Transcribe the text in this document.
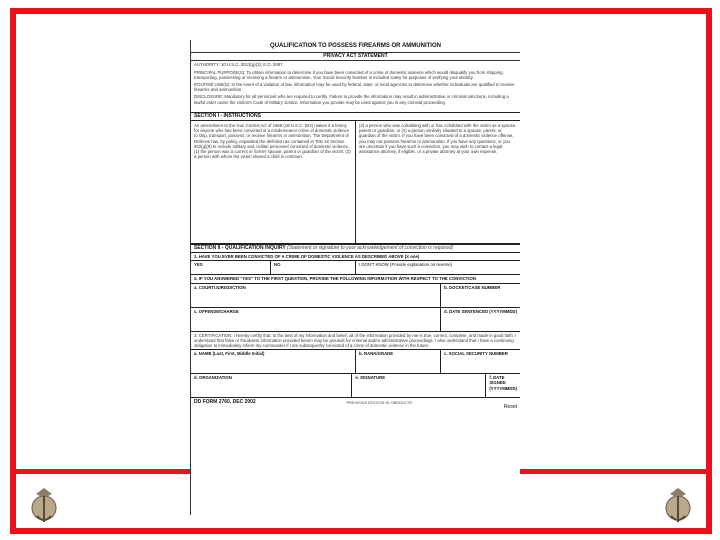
QUALIFICATION TO POSSESS FIREARMS OR AMMUNITION
PRIVACY ACT STATEMENT
AUTHORITY: 10 U.S.C. 3013(g)(3); E.O. 9397.
PRINCIPAL PURPOSE(S): To obtain information to determine if you have been convicted of a crime of domestic violence which would disqualify you from shipping, transporting, possessing or receiving a firearm or ammunition. Your Social Security Number is included solely for purposes of verifying your identity.
ROUTINE USE(S): In the event of a violation of law, information may be used by federal, state, or local agencies to determine whether individuals are qualified to receive firearms and ammunition.
DISCLOSURE: Mandatory for all personnel who are required to certify. Failure to provide the information may result in administrative or criminal sanctions, including a lawful order under the Uniform Code of Military Justice. Information you provide may be used against you in any criminal proceeding.
SECTION I - INSTRUCTIONS
An amendment to the Gun Control Act of 1968 (18 U.S.C. 922) makes it a felony for anyone who has been convicted of a misdemeanor crime of domestic violence to ship, transport, possess, or receive firearms or ammunition. The Department of Defense has, by policy, expanded the definition as contained in Title 18 Section 922(g)(9) to include military and civilian personnel convicted of domestic violence. (1) the person was a current or former spouse, parent or guardian of the victim; (2) a person with whom the victim shared a child in common.
(3) a person who was cohabiting with or has cohabited with the victim as a spouse, parent or guardian; or (4) a person similarly situated to a spouse, parent, or guardian of the victim. If you have been convicted of a domestic violence offense, you may not possess firearms or ammunition. If you have any questions, or you are uncertain if you have such a conviction, you may wish to contact a legal assistance attorney, if eligible, or a private attorney at your own expense.
SECTION II - QUALIFICATION INQUIRY (Statement or signature to your acknowledgement of conviction is required)
1. HAVE YOU EVER BEEN CONVICTED OF A CRIME OF DOMESTIC VIOLENCE AS DESCRIBED ABOVE (X one)
YES	NO	I DON'T KNOW (Provide explanation on reverse)
2. IF YOU ANSWERED "YES" TO THE FIRST QUESTION, PROVIDE THE FOLLOWING INFORMATION WITH RESPECT TO THE CONVICTION
a. COURT/JURISDICTION	b. DOCKET/CASE NUMBER
c. OFFENSE/CHARGE	d. DATE SENTENCED (YYYYMMDD)
3. CERTIFICATION. I hereby certify that, to the best of my information and belief, all of the information provided by me is true, correct, complete, and made in good faith. I understand that false or fraudulent information provided herein may be grounds for criminal and/or administrative proceedings. I also understand that I have a continuing obligation to immediately inform my commander if I am subsequently convicted of a crime of domestic violence in the future.
a. NAME (Last, First, Middle Initial)	b. RANK/GRADE	c. SOCIAL SECURITY NUMBER
d. ORGANIZATION	e. SIGNATURE	f. DATE SIGNED (YYYYMMDD)
DD FORM 2760, DEC 2002	PREVIOUS EDITION IS OBSOLETE.
Reset
